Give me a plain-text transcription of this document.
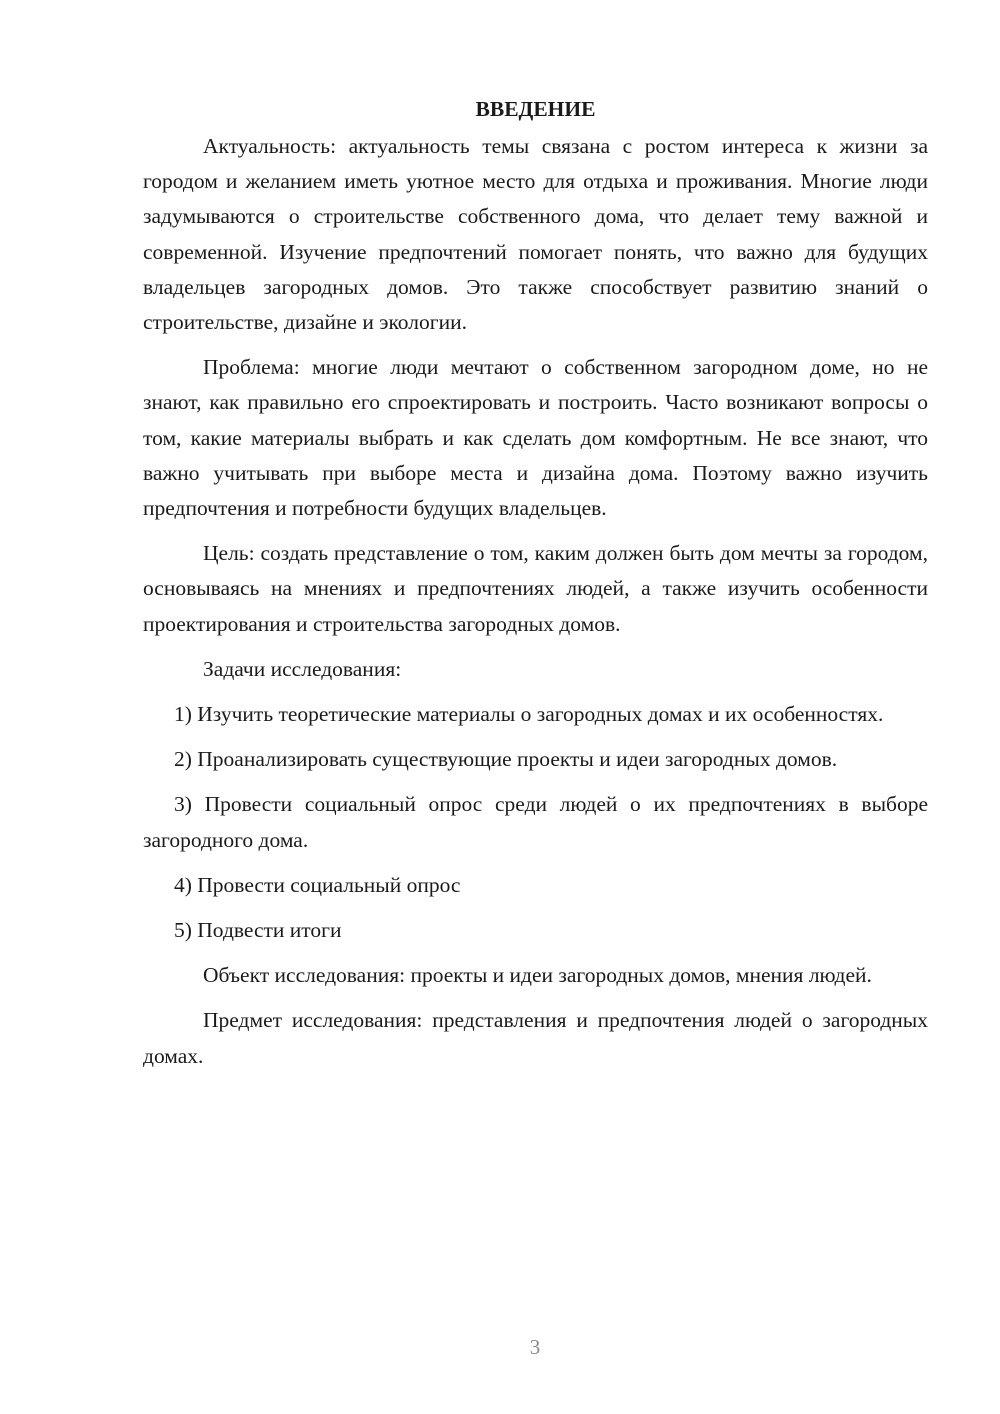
ВВЕДЕНИЕ

Актуальность: актуальность темы связана с ростом интереса к жизни за городом и желанием иметь уютное место для отдыха и проживания. Многие люди задумываются о строительстве собственного дома, что делает тему важной и современной. Изучение предпочтений помогает понять, что важно для будущих владельцев загородных домов. Это также способствует развитию знаний о строительстве, дизайне и экологии.

Проблема: многие люди мечтают о собственном загородном доме, но не знают, как правильно его спроектировать и построить. Часто возникают вопросы о том, какие материалы выбрать и как сделать дом комфортным. Не все знают, что важно учитывать при выборе места и дизайна дома. Поэтому важно изучить предпочтения и потребности будущих владельцев.

Цель: создать представление о том, каким должен быть дом мечты за городом, основываясь на мнениях и предпочтениях людей, а также изучить особенности проектирования и строительства загородных домов.

Задачи исследования:

1) Изучить теоретические материалы о загородных домах и их особенностях.

2) Проанализировать существующие проекты и идеи загородных домов.

3) Провести социальный опрос среди людей о их предпочтениях в выборе загородного дома.

4) Провести социальный опрос

5) Подвести итоги

Объект исследования: проекты и идеи загородных домов, мнения людей.

Предмет исследования: представления и предпочтения людей о загородных домах.

3
